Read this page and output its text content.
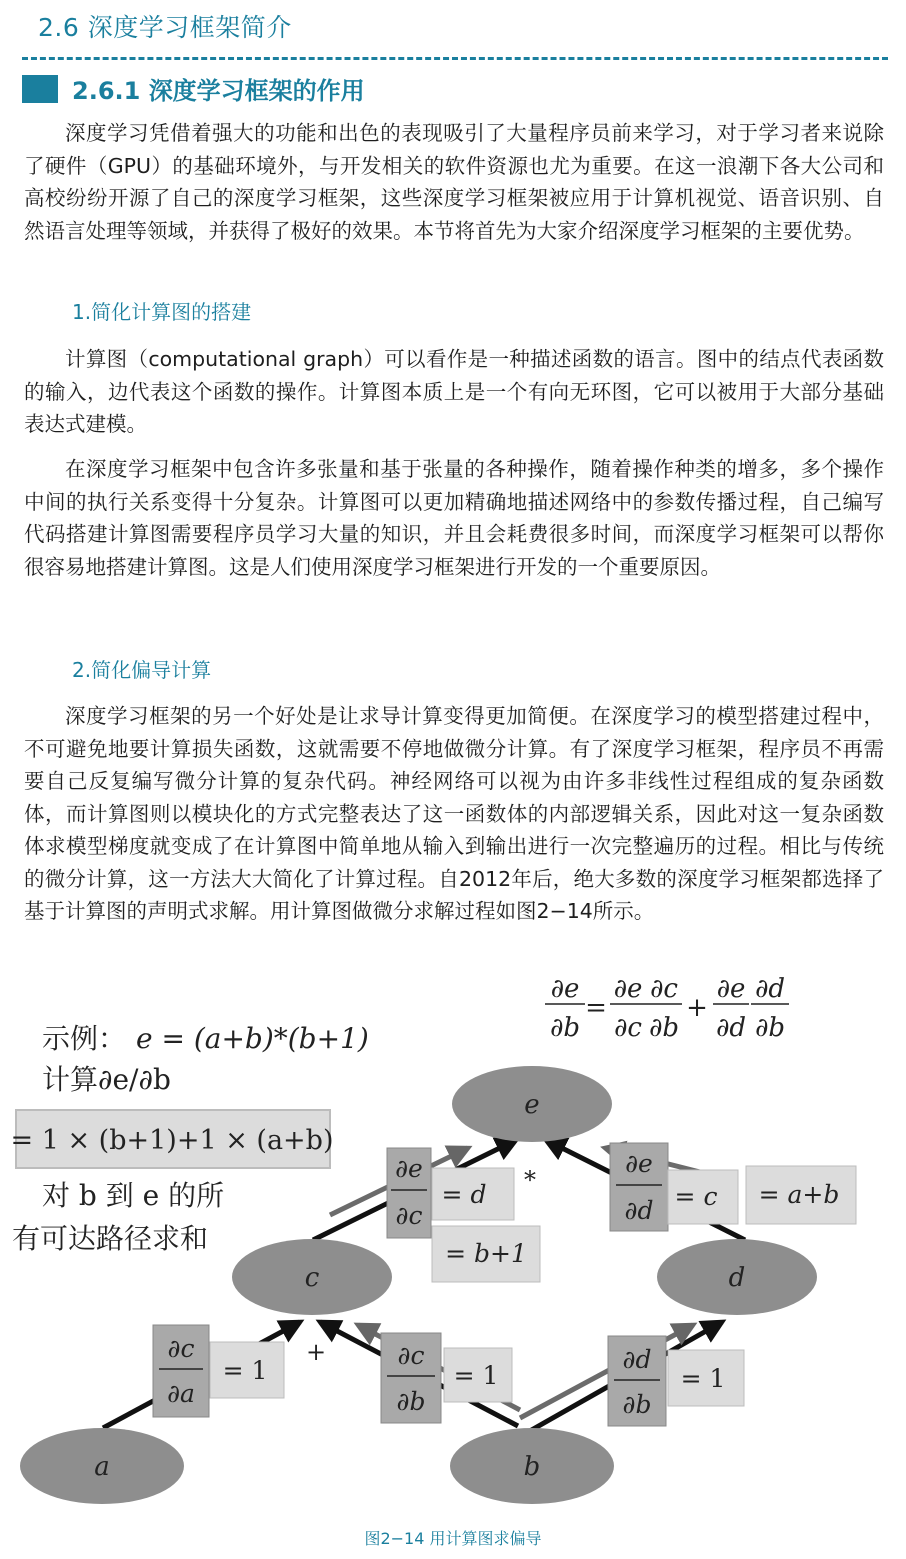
2.6 深度学习框架简介
2.6.1 深度学习框架的作用

深度学习凭借着强大的功能和出色的表现吸引了大量程序员前来学习，对于学习者来说除了硬件（GPU）的基础环境外，与开发相关的软件资源也尤为重要。在这一浪潮下各大公司和高校纷纷开源了自己的深度学习框架，这些深度学习框架被应用于计算机视觉、语音识别、自然语言处理等领域，并获得了极好的效果。本节将首先为大家介绍深度学习框架的主要优势。

1.简化计算图的搭建

计算图（computational graph）可以看作是一种描述函数的语言。图中的结点代表函数的输入，边代表这个函数的操作。计算图本质上是一个有向无环图，它可以被用于大部分基础表达式建模。

在深度学习框架中包含许多张量和基于张量的各种操作，随着操作种类的增多，多个操作中间的执行关系变得十分复杂。计算图可以更加精确地描述网络中的参数传播过程，自己编写代码搭建计算图需要程序员学习大量的知识，并且会耗费很多时间，而深度学习框架可以帮你很容易地搭建计算图。这是人们使用深度学习框架进行开发的一个重要原因。

2.简化偏导计算

深度学习框架的另一个好处是让求导计算变得更加简便。在深度学习的模型搭建过程中，不可避免地要计算损失函数，这就需要不停地做微分计算。有了深度学习框架，程序员不再需要自己反复编写微分计算的复杂代码。神经网络可以视为由许多非线性过程组成的复杂函数体，而计算图则以模块化的方式完整表达了这一函数体的内部逻辑关系，因此对这一复杂函数体求模型梯度就变成了在计算图中简单地从输入到输出进行一次完整遍历的过程。相比与传统的微分计算，这一方法大大简化了计算过程。自2012年后，绝大多数的深度学习框架都选择了基于计算图的声明式求解。用计算图做微分求解过程如图2−14所示。

∂e
∂b
=
∂e
∂c
∂c
∂b
+
∂e
∂d
∂d
∂b
示例： e = (a+b)*(b+1)
计算∂e/∂b
= 1 × (b+1)+1 × (a+b)
对 b 到 e 的所
有可达路径求和
e
c	d
a	b
*
+
∂e
∂c
= d
= b+1
∂e
∂d = c = a+b
∂c
∂a
= 1
∂c
∂b
= 1
∂d
∂b
= 1
图2−14 用计算图求偏导
